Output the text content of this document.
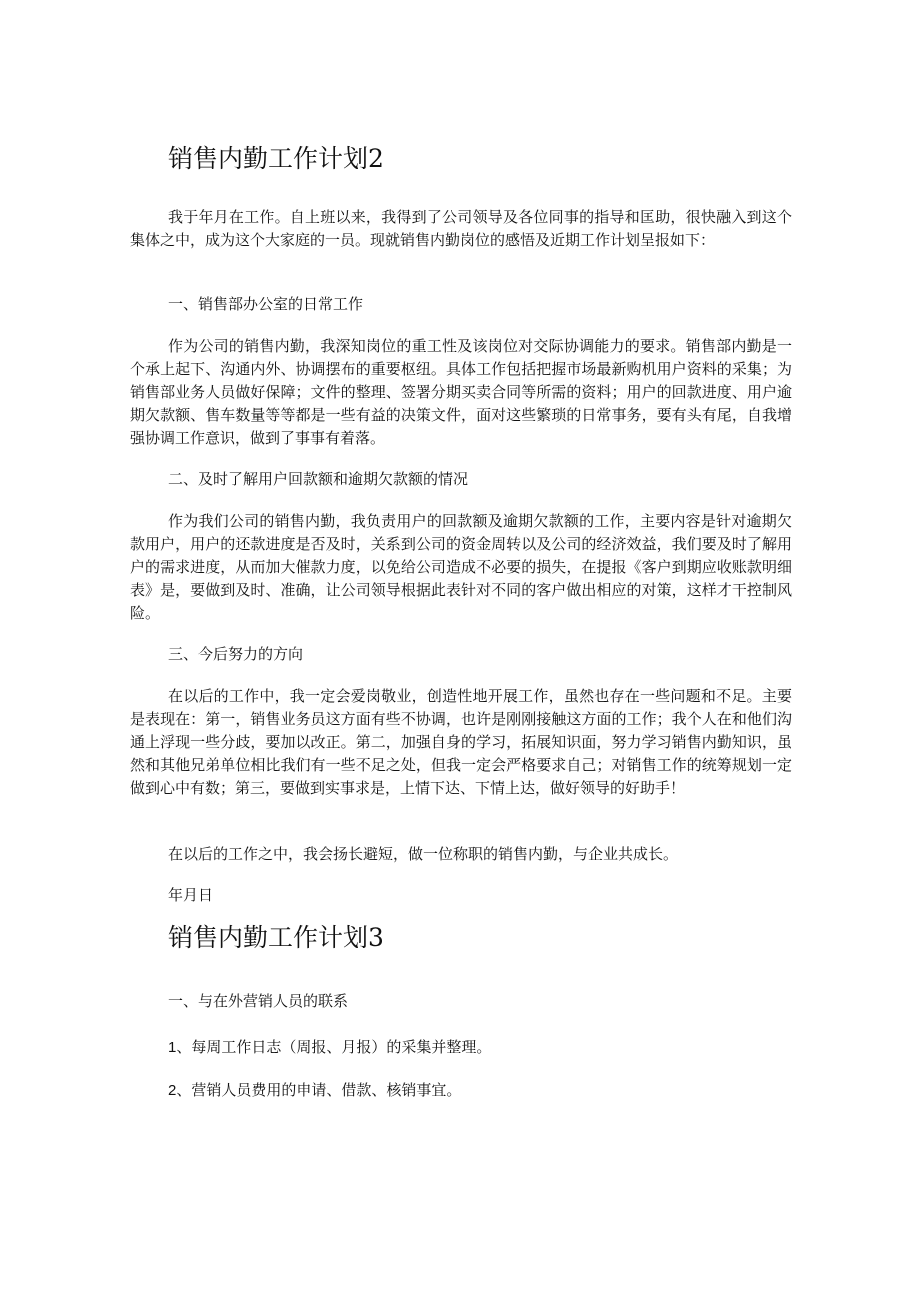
销售内勤工作计划2

我于年月在工作。自上班以来，我得到了公司领导及各位同事的指导和匡助，很快融入到这个集体之中，成为这个大家庭的一员。现就销售内勤岗位的感悟及近期工作计划呈报如下：

一、销售部办公室的日常工作

作为公司的销售内勤，我深知岗位的重工性及该岗位对交际协调能力的要求。销售部内勤是一个承上起下、沟通内外、协调摆布的重要枢纽。具体工作包括把握市场最新购机用户资料的采集；为销售部业务人员做好保障；文件的整理、签署分期买卖合同等所需的资料；用户的回款进度、用户逾期欠款额、售车数量等等都是一些有益的决策文件，面对这些繁琐的日常事务，要有头有尾，自我增强协调工作意识，做到了事事有着落。

二、及时了解用户回款额和逾期欠款额的情况

作为我们公司的销售内勤，我负责用户的回款额及逾期欠款额的工作，主要内容是针对逾期欠款用户，用户的还款进度是否及时，关系到公司的资金周转以及公司的经济效益，我们要及时了解用户的需求进度，从而加大催款力度，以免给公司造成不必要的损失，在提报《客户到期应收账款明细表》是，要做到及时、准确，让公司领导根据此表针对不同的客户做出相应的对策，这样才干控制风险。

三、今后努力的方向

在以后的工作中，我一定会爱岗敬业，创造性地开展工作，虽然也存在一些问题和不足。主要是表现在：第一，销售业务员这方面有些不协调，也许是刚刚接触这方面的工作；我个人在和他们沟通上浮现一些分歧，要加以改正。第二，加强自身的学习，拓展知识面，努力学习销售内勤知识，虽然和其他兄弟单位相比我们有一些不足之处，但我一定会严格要求自己；对销售工作的统筹规划一定做到心中有数；第三，要做到实事求是，上情下达、下情上达，做好领导的好助手！

在以后的工作之中，我会扬长避短，做一位称职的销售内勤，与企业共成长。

年月日

销售内勤工作计划3

一、与在外营销人员的联系

1、每周工作日志（周报、月报）的采集并整理。

2、营销人员费用的申请、借款、核销事宜。
